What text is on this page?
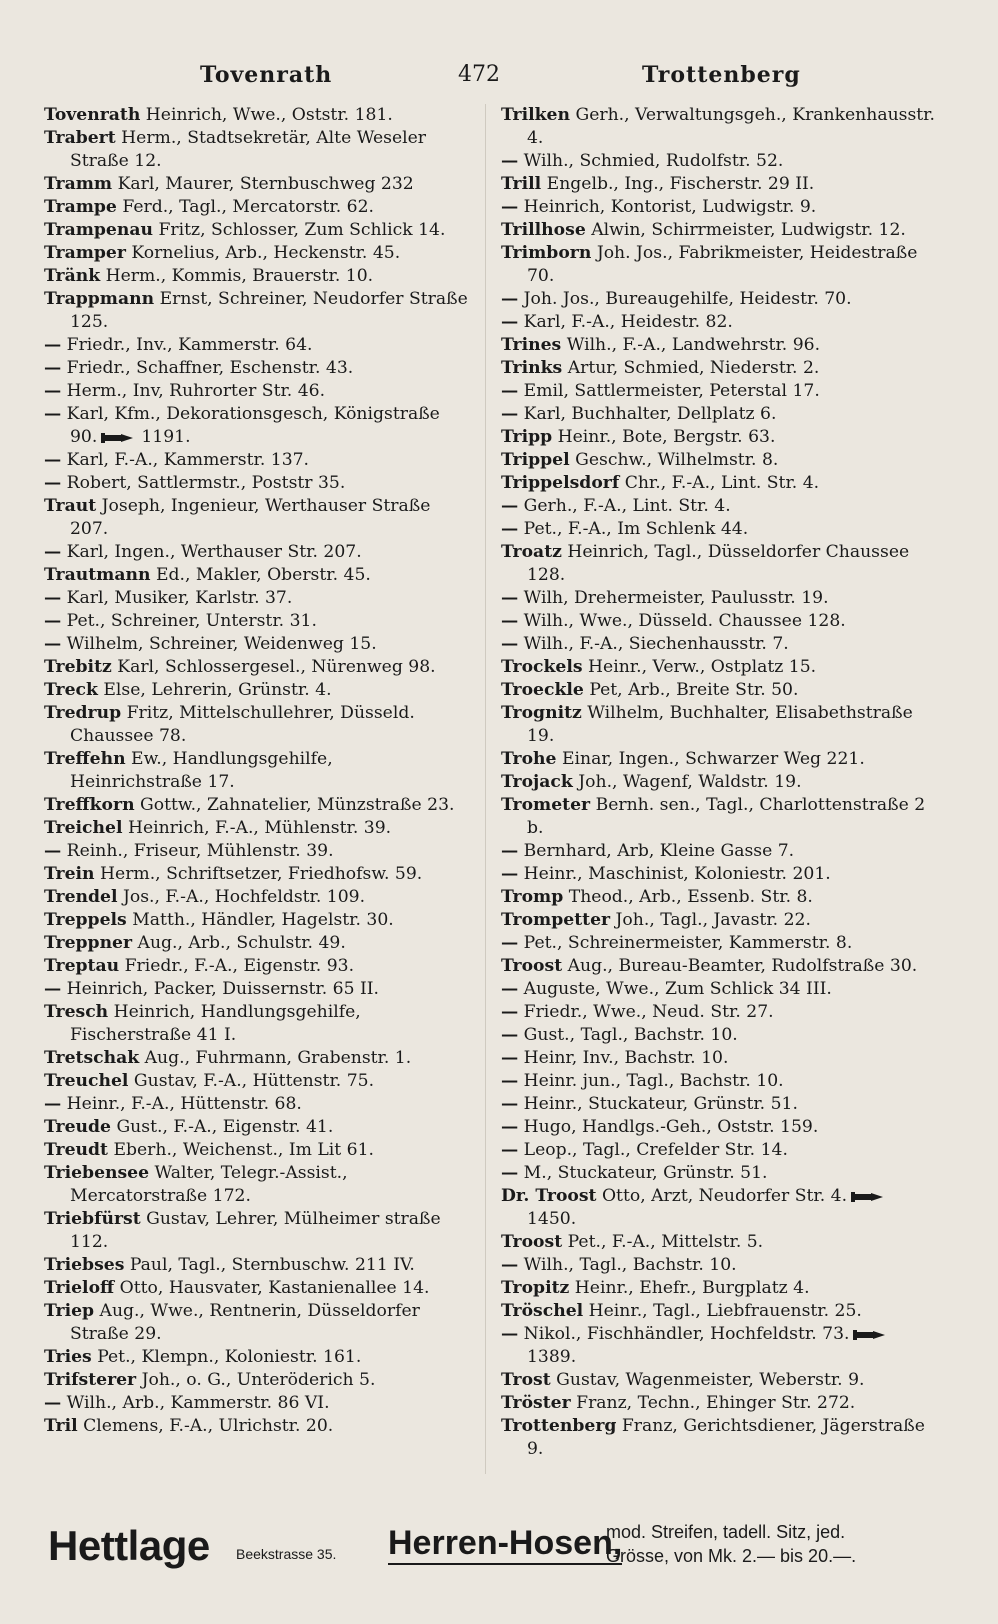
Tovenrath	472	Trottenberg

Tovenrath Heinrich, Wwe., Oststr. 181.

Trabert Herm., Stadtsekretär, Alte Weseler Straße 12.

Tramm Karl, Maurer, Sternbuschweg 232

Trampe Ferd., Tagl., Mercatorstr. 62.

Trampenau Fritz, Schlosser, Zum Schlick 14.

Tramper Kornelius, Arb., Heckenstr. 45.

Tränk Herm., Kommis, Brauerstr. 10.

Trappmann Ernst, Schreiner, Neudorfer Straße 125.

— Friedr., Inv., Kammerstr. 64.

— Friedr., Schaffner, Eschenstr. 43.

— Herm., Inv, Ruhrorter Str. 46.

— Karl, Kfm., Dekorationsgesch, Königstraße 90.	1191.

— Karl, F.-A., Kammerstr. 137.

— Robert, Sattlermstr., Poststr 35.

Traut Joseph, Ingenieur, Werthauser Straße 207.

— Karl, Ingen., Werthauser Str. 207.

Trautmann Ed., Makler, Oberstr. 45.

— Karl, Musiker, Karlstr. 37.

— Pet., Schreiner, Unterstr. 31.

— Wilhelm, Schreiner, Weidenweg 15.

Trebitz Karl, Schlossergesel., Nürenweg 98.

Treck Else, Lehrerin, Grünstr. 4.

Tredrup Fritz, Mittelschullehrer, Düsseld. Chaussee 78.

Treffehn Ew., Handlungsgehilfe, Heinrichstraße 17.

Treffkorn Gottw., Zahnatelier, Münzstraße 23.

Treichel Heinrich, F.-A., Mühlenstr. 39.

— Reinh., Friseur, Mühlenstr. 39.

Trein Herm., Schriftsetzer, Friedhofsw. 59.

Trendel Jos., F.-A., Hochfeldstr. 109.

Treppels Matth., Händler, Hagelstr. 30.

Treppner Aug., Arb., Schulstr. 49.

Treptau Friedr., F.-A., Eigenstr. 93.

— Heinrich, Packer, Duissernstr. 65 II.

Tresch Heinrich, Handlungsgehilfe, Fischerstraße 41 I.

Tretschak Aug., Fuhrmann, Grabenstr. 1.

Treuchel Gustav, F.-A., Hüttenstr. 75.

— Heinr., F.-A., Hüttenstr. 68.

Treude Gust., F.-A., Eigenstr. 41.

Treudt Eberh., Weichenst., Im Lit 61.

Triebensee Walter, Telegr.-Assist., Mercatorstraße 172.

Triebfürst Gustav, Lehrer, Mülheimer straße 112.

Triebses Paul, Tagl., Sternbuschw. 211 IV.

Trieloff Otto, Hausvater, Kastanienallee 14.

Triep Aug., Wwe., Rentnerin, Düsseldorfer Straße 29.

Tries Pet., Klempn., Koloniestr. 161.

Trifsterer Joh., o. G., Unteröderich 5.

— Wilh., Arb., Kammerstr. 86 VI.

Tril Clemens, F.-A., Ulrichstr. 20.

Trilken Gerh., Verwaltungsgeh., Krankenhausstr. 4.

— Wilh., Schmied, Rudolfstr. 52.

Trill Engelb., Ing., Fischerstr. 29 II.

— Heinrich, Kontorist, Ludwigstr. 9.

Trillhose Alwin, Schirrmeister, Ludwigstr. 12.

Trimborn Joh. Jos., Fabrikmeister, Heidestraße 70.

— Joh. Jos., Bureaugehilfe, Heidestr. 70.

— Karl, F.-A., Heidestr. 82.

Trines Wilh., F.-A., Landwehrstr. 96.

Trinks Artur, Schmied, Niederstr. 2.

— Emil, Sattlermeister, Peterstal 17.

— Karl, Buchhalter, Dellplatz 6.

Tripp Heinr., Bote, Bergstr. 63.

Trippel Geschw., Wilhelmstr. 8.

Trippelsdorf Chr., F.-A., Lint. Str. 4.

— Gerh., F.-A., Lint. Str. 4.

— Pet., F.-A., Im Schlenk 44.

Troatz Heinrich, Tagl., Düsseldorfer Chaussee 128.

— Wilh, Drehermeister, Paulusstr. 19.

— Wilh., Wwe., Düsseld. Chaussee 128.

— Wilh., F.-A., Siechenhausstr. 7.

Trockels Heinr., Verw., Ostplatz 15.

Troeckle Pet, Arb., Breite Str. 50.

Trognitz Wilhelm, Buchhalter, Elisabethstraße 19.

Trohe Einar, Ingen., Schwarzer Weg 221.

Trojack Joh., Wagenf, Waldstr. 19.

Trometer Bernh. sen., Tagl., Charlottenstraße 2 b.

— Bernhard, Arb, Kleine Gasse 7.

— Heinr., Maschinist, Koloniestr. 201.

Tromp Theod., Arb., Essenb. Str. 8.

Trompetter Joh., Tagl., Javastr. 22.

— Pet., Schreinermeister, Kammerstr. 8.

Troost Aug., Bureau-Beamter, Rudolfstraße 30.

— Auguste, Wwe., Zum Schlick 34 III.

— Friedr., Wwe., Neud. Str. 27.

— Gust., Tagl., Bachstr. 10.

— Heinr, Inv., Bachstr. 10.

— Heinr. jun., Tagl., Bachstr. 10.

— Heinr., Stuckateur, Grünstr. 51.

— Hugo, Handlgs.-Geh., Oststr. 159.

— Leop., Tagl., Crefelder Str. 14.

— M., Stuckateur, Grünstr. 51.

Dr. Troost Otto, Arzt, Neudorfer Str. 4.1450.

Troost Pet., F.-A., Mittelstr. 5.

— Wilh., Tagl., Bachstr. 10.

Tropitz Heinr., Ehefr., Burgplatz 4.

Tröschel Heinr., Tagl., Liebfrauenstr. 25.

— Nikol., Fischhändler, Hochfeldstr. 73.1389.

Trost Gustav, Wagenmeister, Weberstr. 9.

Tröster Franz, Techn., Ehinger Str. 272.

Trottenberg Franz, Gerichtsdiener, Jägerstraße 9.

Hettlage Beekstrasse 35. Herren-Hosen,
mod. Streifen, tadell. Sitz, jed.
Grösse, von Mk. 2.— bis 20.—.
